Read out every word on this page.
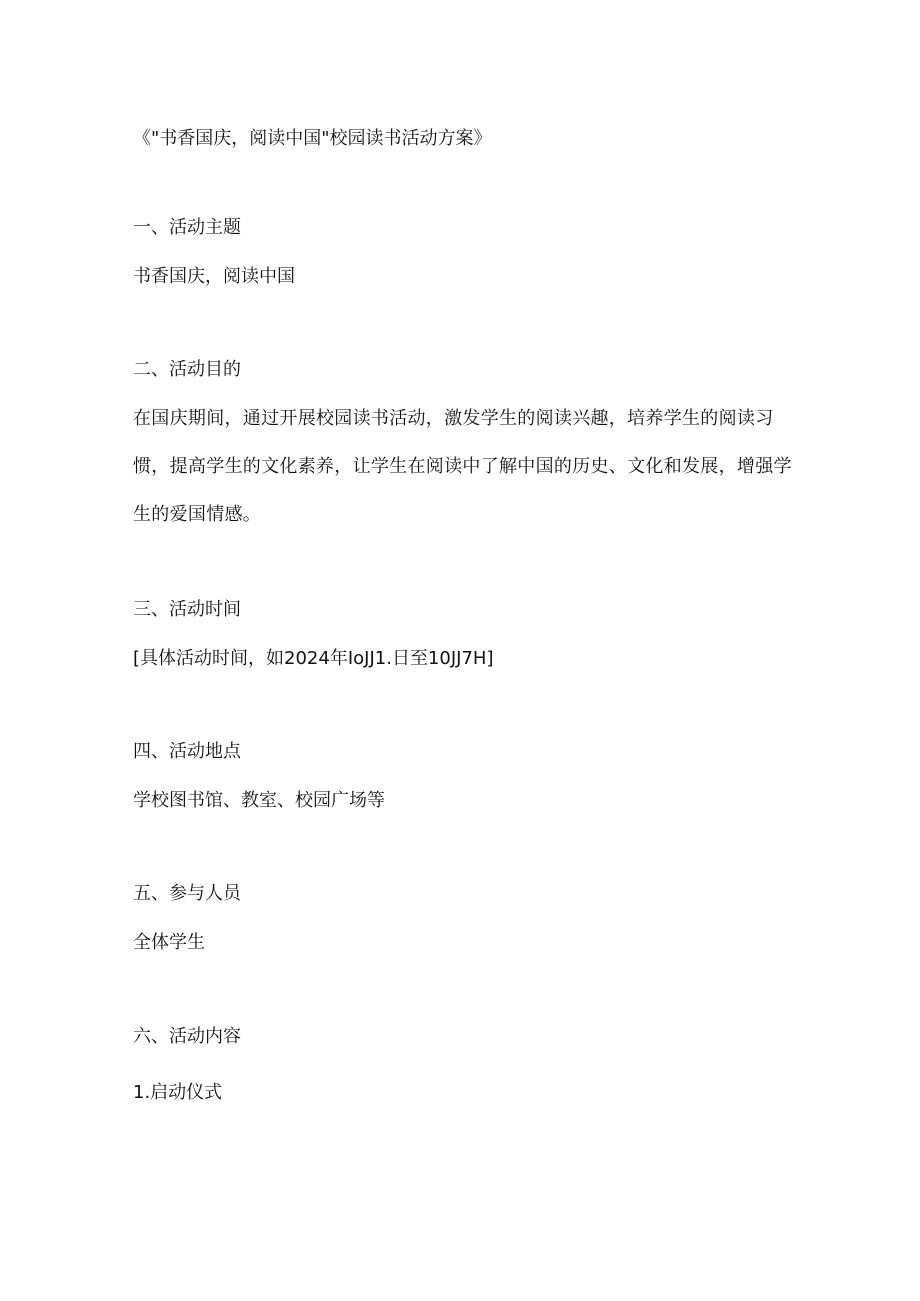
《"书香国庆，阅读中国"校园读书活动方案》
一、活动主题
书香国庆，阅读中国
二、活动目的
在国庆期间，通过开展校园读书活动，激发学生的阅读兴趣，培养学生的阅读习惯，提高学生的文化素养，让学生在阅读中了解中国的历史、文化和发展，增强学生的爱国情感。
三、活动时间
[具体活动时间，如2024年IoJJ1.日至10JJ7H]
四、活动地点
学校图书馆、教室、校园广场等
五、参与人员
全体学生
六、活动内容
1.启动仪式
